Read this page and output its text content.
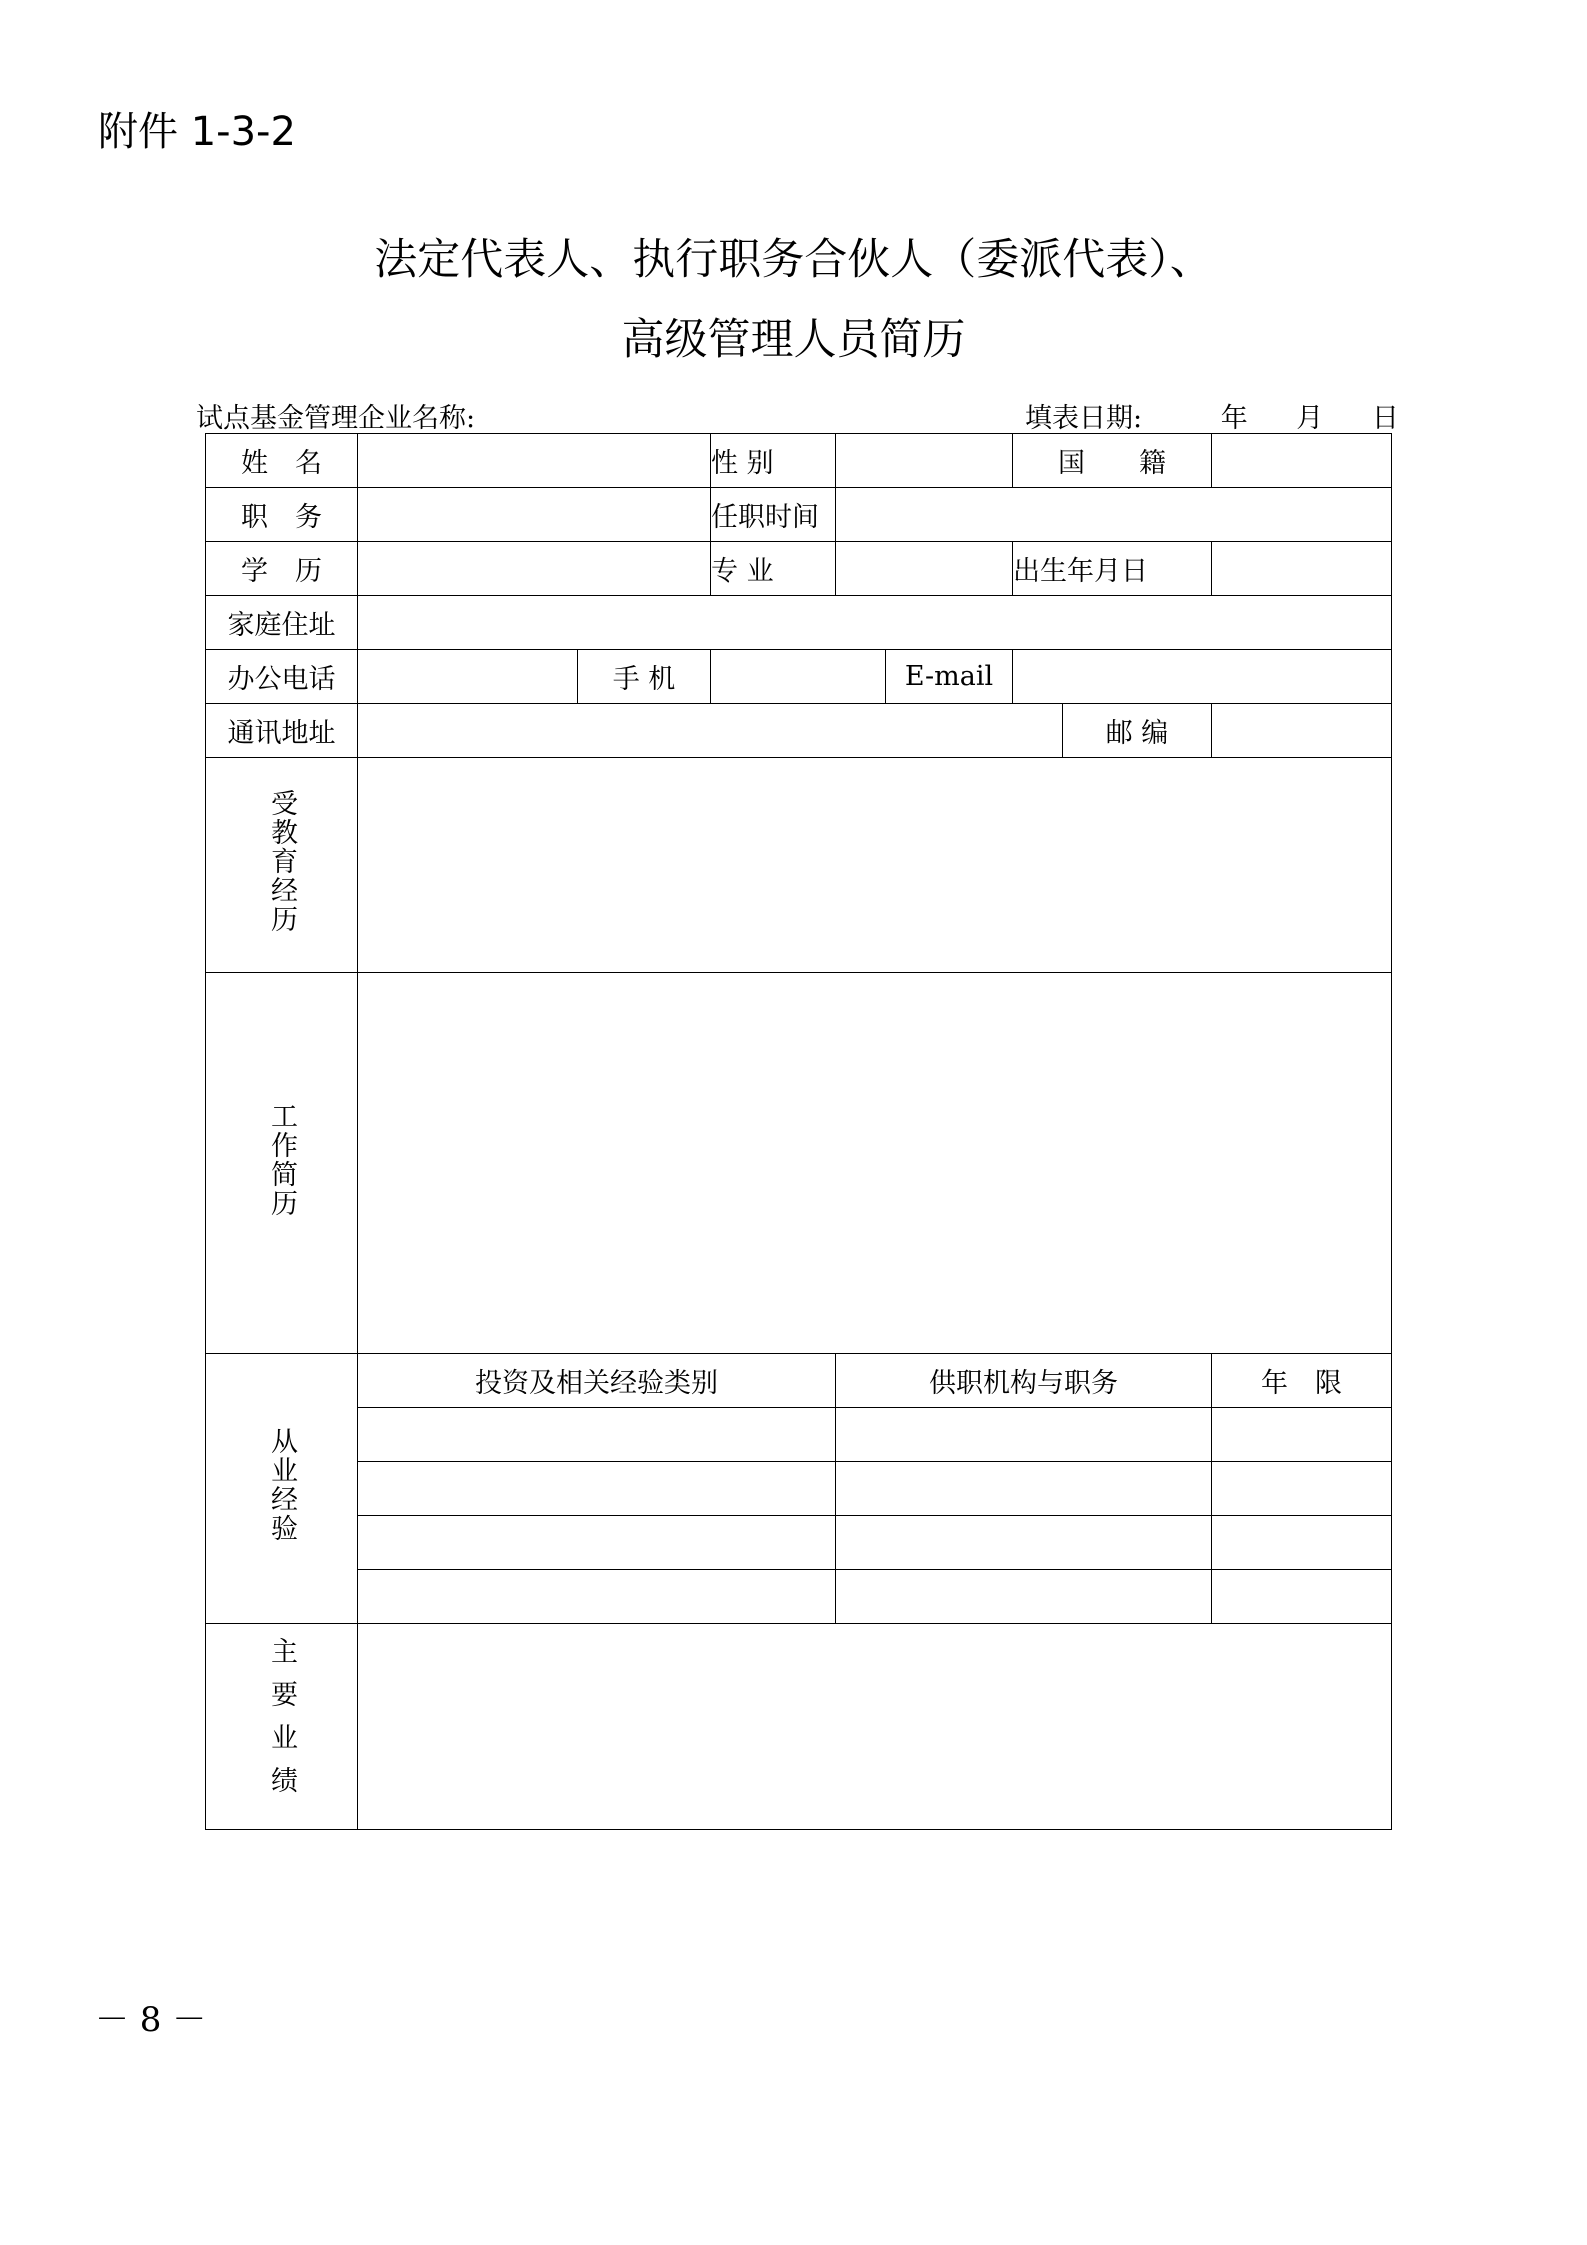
附件 1-3-2
法定代表人、执行职务合伙人（委派代表）、
高级管理人员简历
试点基金管理企业名称:	填表日期:	年 月 日
姓　名			性 别			国　　籍		
职　务			任职时间					
学　历			专 业			出生年月日		
家庭住址								
办公电话		手 机			E-mail			
通讯地址							邮 编	
受教育经历								
工作简历								
从业经验	投资及相关经验类别			供职机构与职务				年　限

主要业绩								
－ 8 －
